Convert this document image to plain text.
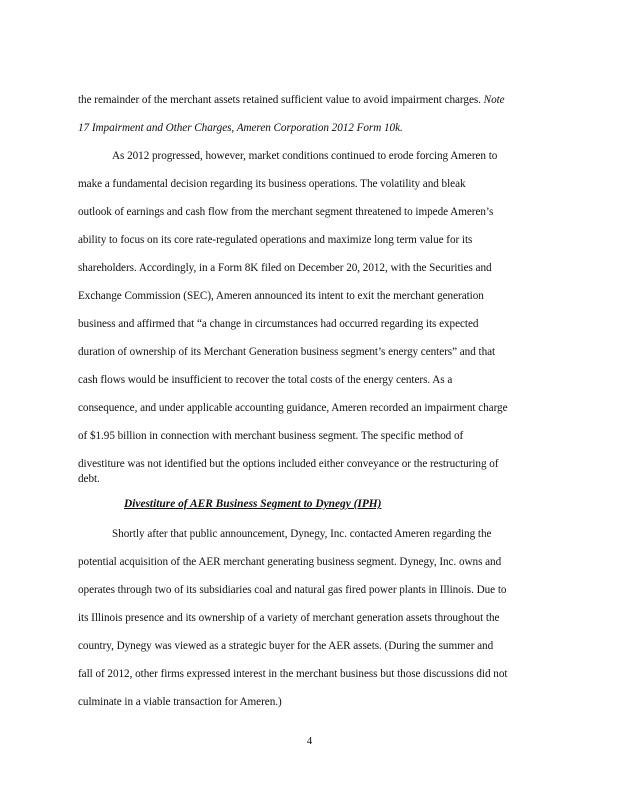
the remainder of the merchant assets retained sufficient value to avoid impairment charges. Note
17 Impairment and Other Charges, Ameren Corporation 2012 Form 10k.
As 2012 progressed, however, market conditions continued to erode forcing Ameren to
make a fundamental decision regarding its business operations. The volatility and bleak
outlook of earnings and cash flow from the merchant segment threatened to impede Ameren’s
ability to focus on its core rate-regulated operations and maximize long term value for its
shareholders. Accordingly, in a Form 8K filed on December 20, 2012, with the Securities and
Exchange Commission (SEC), Ameren announced its intent to exit the merchant generation
business and affirmed that “a change in circumstances had occurred regarding its expected
duration of ownership of its Merchant Generation business segment’s energy centers” and that
cash flows would be insufficient to recover the total costs of the energy centers. As a
consequence, and under applicable accounting guidance, Ameren recorded an impairment charge
of $1.95 billion in connection with merchant business segment. The specific method of
divestiture was not identified but the options included either conveyance or the restructuring of
debt.
Divestiture of AER Business Segment to Dynegy (IPH)
Shortly after that public announcement, Dynegy, Inc. contacted Ameren regarding the
potential acquisition of the AER merchant generating business segment. Dynegy, Inc. owns and
operates through two of its subsidiaries coal and natural gas fired power plants in Illinois. Due to
its Illinois presence and its ownership of a variety of merchant generation assets throughout the
country, Dynegy was viewed as a strategic buyer for the AER assets. (During the summer and
fall of 2012, other firms expressed interest in the merchant business but those discussions did not
culminate in a viable transaction for Ameren.)
4
